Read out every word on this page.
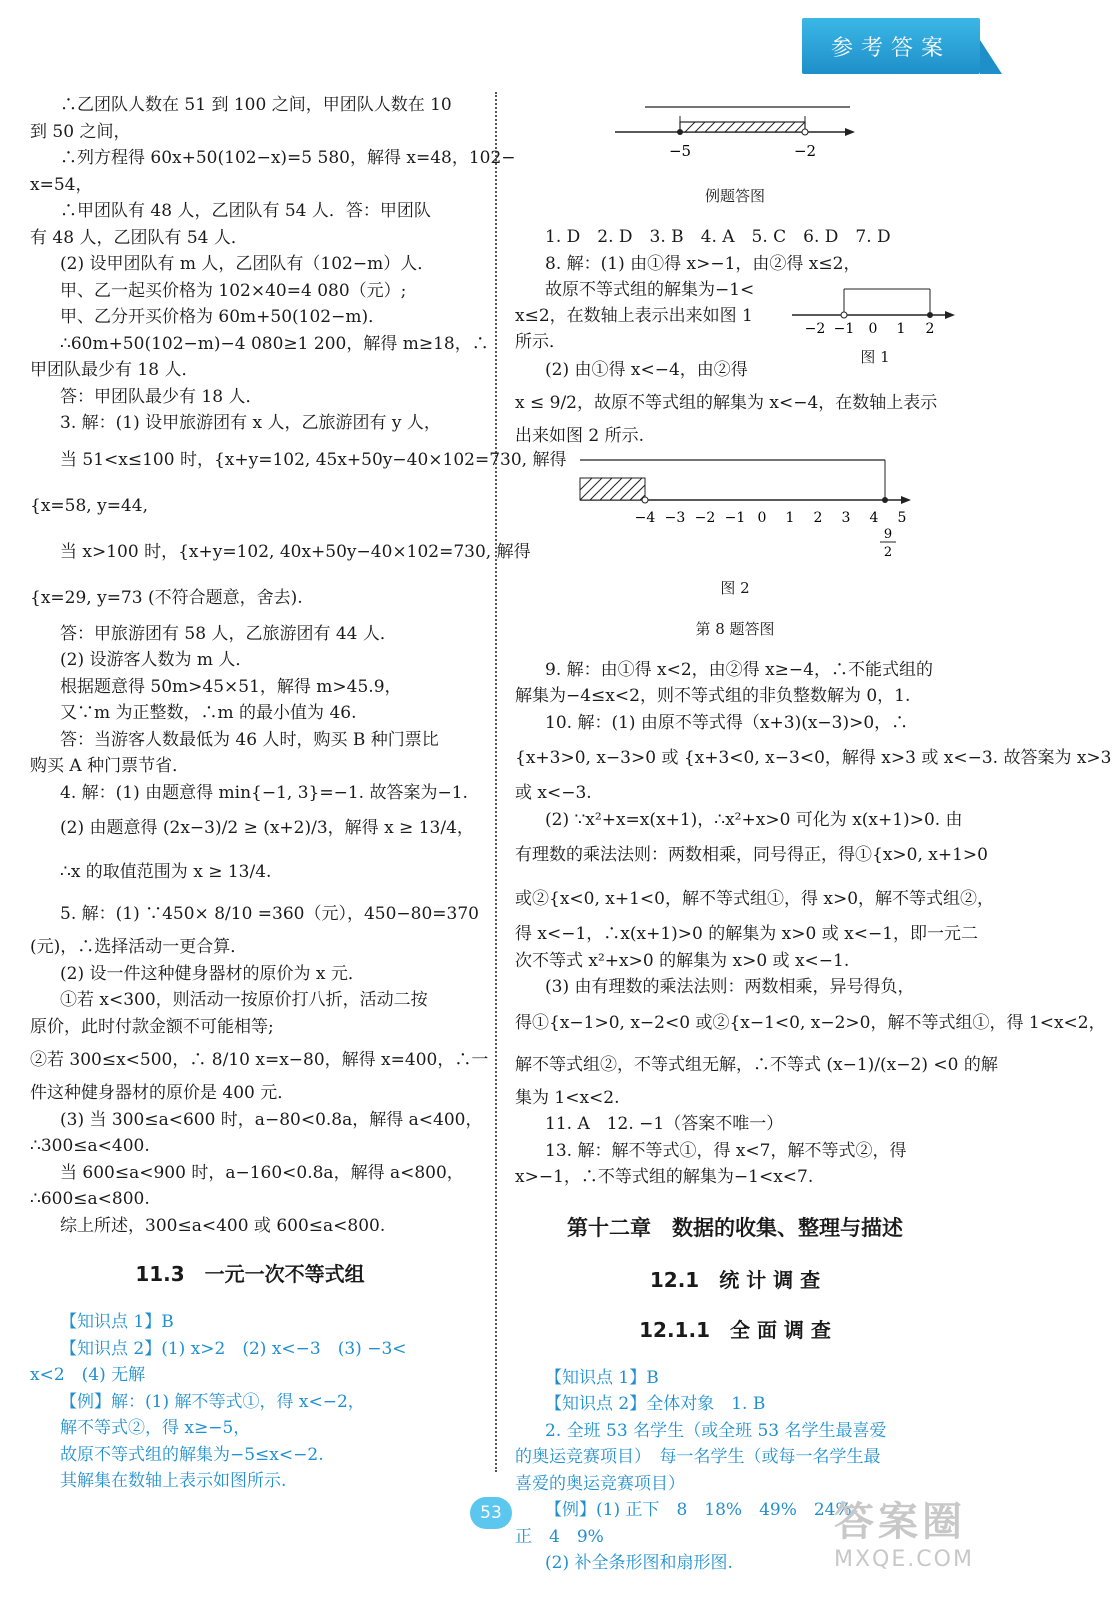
参考答案

∴乙团队人数在 51 到 100 之间，甲团队人数在 10

到 50 之间，

∴列方程得 60x+50(102−x)=5 580，解得 x=48，102−

x=54，

∴甲团队有 48 人，乙团队有 54 人．答：甲团队

有 48 人，乙团队有 54 人．

(2) 设甲团队有 m 人，乙团队有（102−m）人．

甲、乙一起买价格为 102×40=4 080（元）;

甲、乙分开买价格为 60m+50(102−m)．

∴60m+50(102−m)−4 080≥1 200，解得 m≥18，∴

甲团队最少有 18 人．

答：甲团队最少有 18 人．

3. 解：(1) 设甲旅游团有 x 人，乙旅游团有 y 人，

当 51<x≤100 时，{x+y=102, 45x+50y−40×102=730, 解得

{x=58, y=44,

当 x>100 时，{x+y=102, 40x+50y−40×102=730, 解得

{x=29, y=73 (不符合题意，舍去).

答：甲旅游团有 58 人，乙旅游团有 44 人．

(2) 设游客人数为 m 人．

根据题意得 50m>45×51，解得 m>45.9，

又∵m 为正整数，∴m 的最小值为 46.

答：当游客人数最低为 46 人时，购买 B 种门票比

购买 A 种门票节省．

4. 解：(1) 由题意得 min{−1, 3}=−1. 故答案为−1.

(2) 由题意得 (2x−3)/2 ≥ (x+2)/3，解得 x ≥ 13/4，

∴x 的取值范围为 x ≥ 13/4.

5. 解：(1) ∵450× 8/10 =360（元），450−80=370

(元)，∴选择活动一更合算．

(2) 设一件这种健身器材的原价为 x 元．

①若 x<300，则活动一按原价打八折，活动二按

原价，此时付款金额不可能相等;

②若 300≤x<500，∴ 8/10 x=x−80，解得 x=400，∴一

件这种健身器材的原价是 400 元．

(3) 当 300≤a<600 时，a−80<0.8a，解得 a<400，

∴300≤a<400.

当 600≤a<900 时，a−160<0.8a，解得 a<800，

∴600≤a<800.

综上所述，300≤a<400 或 600≤a<800.

11.3　一元一次不等式组

【知识点 1】B

【知识点 2】(1) x>2　(2) x<−3　(3) −3<

x<2　(4) 无解

【例】解：(1) 解不等式①，得 x<−2，

解不等式②，得 x≥−5，

故原不等式组的解集为−5≤x<−2.

其解集在数轴上表示如图所示.

−5	−2

例题答图

1. D　2. D　3. B　4. A　5. C　6. D　7. D

8. 解：(1) 由①得 x>−1，由②得 x≤2，

故原不等式组的解集为−1<

x≤2，在数轴上表示出来如图 1

所示．

−2 −1 0 1 2

图 1

(2) 由①得 x<−4，由②得

x ≤ 9/2，故原不等式组的解集为 x<−4，在数轴上表示

出来如图 2 所示.

−4 −3 −2 −1 0 1 2 3 4 5
9
2

图 2

第 8 题答图

9. 解：由①得 x<2，由②得 x≥−4，∴不能式组的

解集为−4≤x<2，则不等式组的非负整数解为 0，1.

10. 解：(1) 由原不等式得（x+3)(x−3)>0，∴

{x+3>0, x−3>0 或 {x+3<0, x−3<0，解得 x>3 或 x<−3. 故答案为 x>3

或 x<−3.

(2) ∵x²+x=x(x+1)，∴x²+x>0 可化为 x(x+1)>0. 由

有理数的乘法法则：两数相乘，同号得正，得①{x>0, x+1>0

或②{x<0, x+1<0，解不等式组①，得 x>0，解不等式组②，

得 x<−1，∴x(x+1)>0 的解集为 x>0 或 x<−1，即一元二

次不等式 x²+x>0 的解集为 x>0 或 x<−1.

(3) 由有理数的乘法法则：两数相乘，异号得负，

得①{x−1>0, x−2<0 或②{x−1<0, x−2>0，解不等式组①，得 1<x<2，

解不等式组②，不等式组无解，∴不等式 (x−1)/(x−2) <0 的解

集为 1<x<2.

11. A　12. −1（答案不唯一）

13. 解：解不等式①，得 x<7，解不等式②，得

x>−1，∴不等式组的解集为−1<x<7.

第十二章　数据的收集、整理与描述

12.1　统 计 调 查

12.1.1　全 面 调 查

【知识点 1】B

【知识点 2】全体对象　1. B

2. 全班 53 名学生（或全班 53 名学生最喜爱

的奥运竞赛项目）　每一名学生（或每一名学生最

喜爱的奥运竞赛项目）

【例】(1) 正下　8　18%　49%　24%

正　4　9%

(2) 补全条形图和扇形图.

53	答案圈
MXQE.COM
